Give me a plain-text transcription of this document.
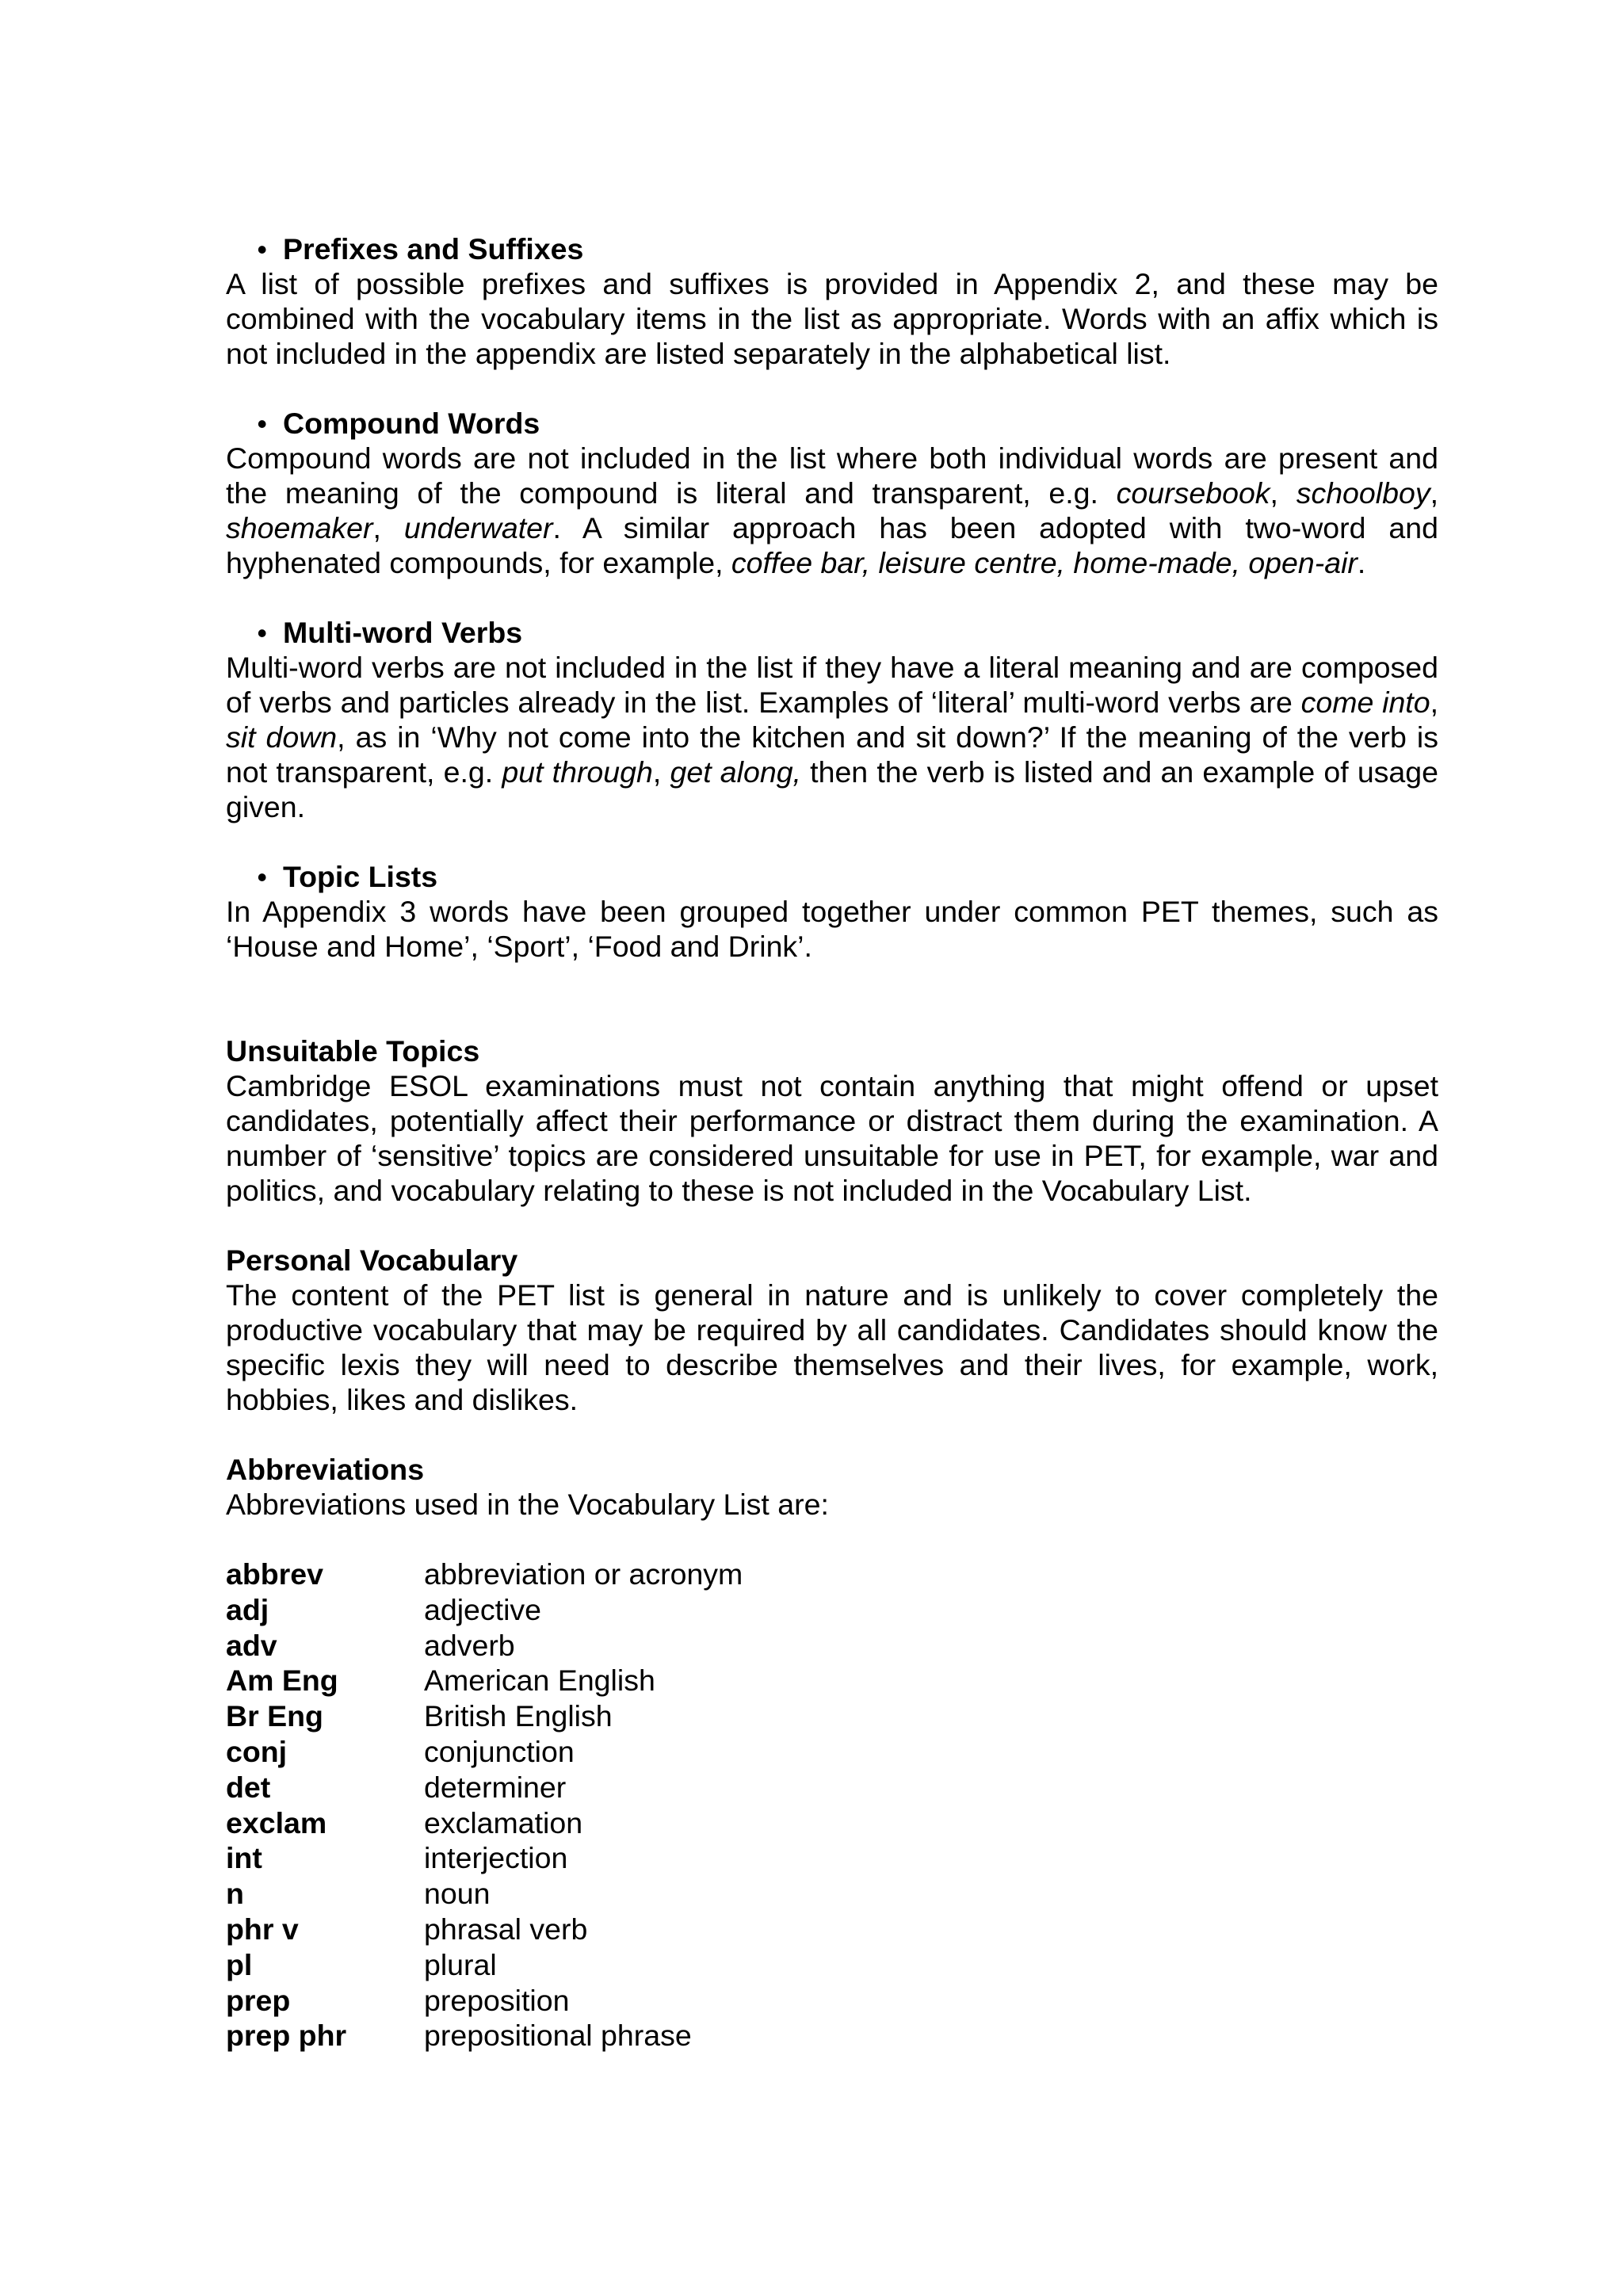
• Prefixes and Suffixes

A list of possible prefixes and suffixes is provided in Appendix 2, and these may be combined with the vocabulary items in the list as appropriate. Words with an affix which is not included in the appendix are listed separately in the alphabetical list.

• Compound Words

Compound words are not included in the list where both individual words are present and the meaning of the compound is literal and transparent, e.g. coursebook, schoolboy, shoemaker, underwater. A similar approach has been adopted with two-word and hyphenated compounds, for example, coffee bar, leisure centre, home-made, open-air.

• Multi-word Verbs

Multi-word verbs are not included in the list if they have a literal meaning and are composed of verbs and particles already in the list. Examples of ‘literal’ multi-word verbs are come into, sit down, as in ‘Why not come into the kitchen and sit down?’ If the meaning of the verb is not transparent, e.g. put through, get along, then the verb is listed and an example of usage given.

• Topic Lists

In Appendix 3 words have been grouped together under common PET themes, such as ‘House and Home’, ‘Sport’, ‘Food and Drink’.

Unsuitable Topics

Cambridge ESOL examinations must not contain anything that might offend or upset candidates, potentially affect their performance or distract them during the examination. A number of ‘sensitive’ topics are considered unsuitable for use in PET, for example, war and politics, and vocabulary relating to these is not included in the Vocabulary List.

Personal Vocabulary

The content of the PET list is general in nature and is unlikely to cover completely the productive vocabulary that may be required by all candidates. Candidates should know the specific lexis they will need to describe themselves and their lives, for example, work, hobbies, likes and dislikes.

Abbreviations

Abbreviations used in the Vocabulary List are:

abbrev	abbreviation or acronym
adj	adjective
adv	adverb
Am Eng	American English
Br Eng	British English
conj	conjunction
det	determiner
exclam	exclamation
int	interjection
n	noun
phr v	phrasal verb
pl	plural
prep	preposition
prep phr	prepositional phrase
